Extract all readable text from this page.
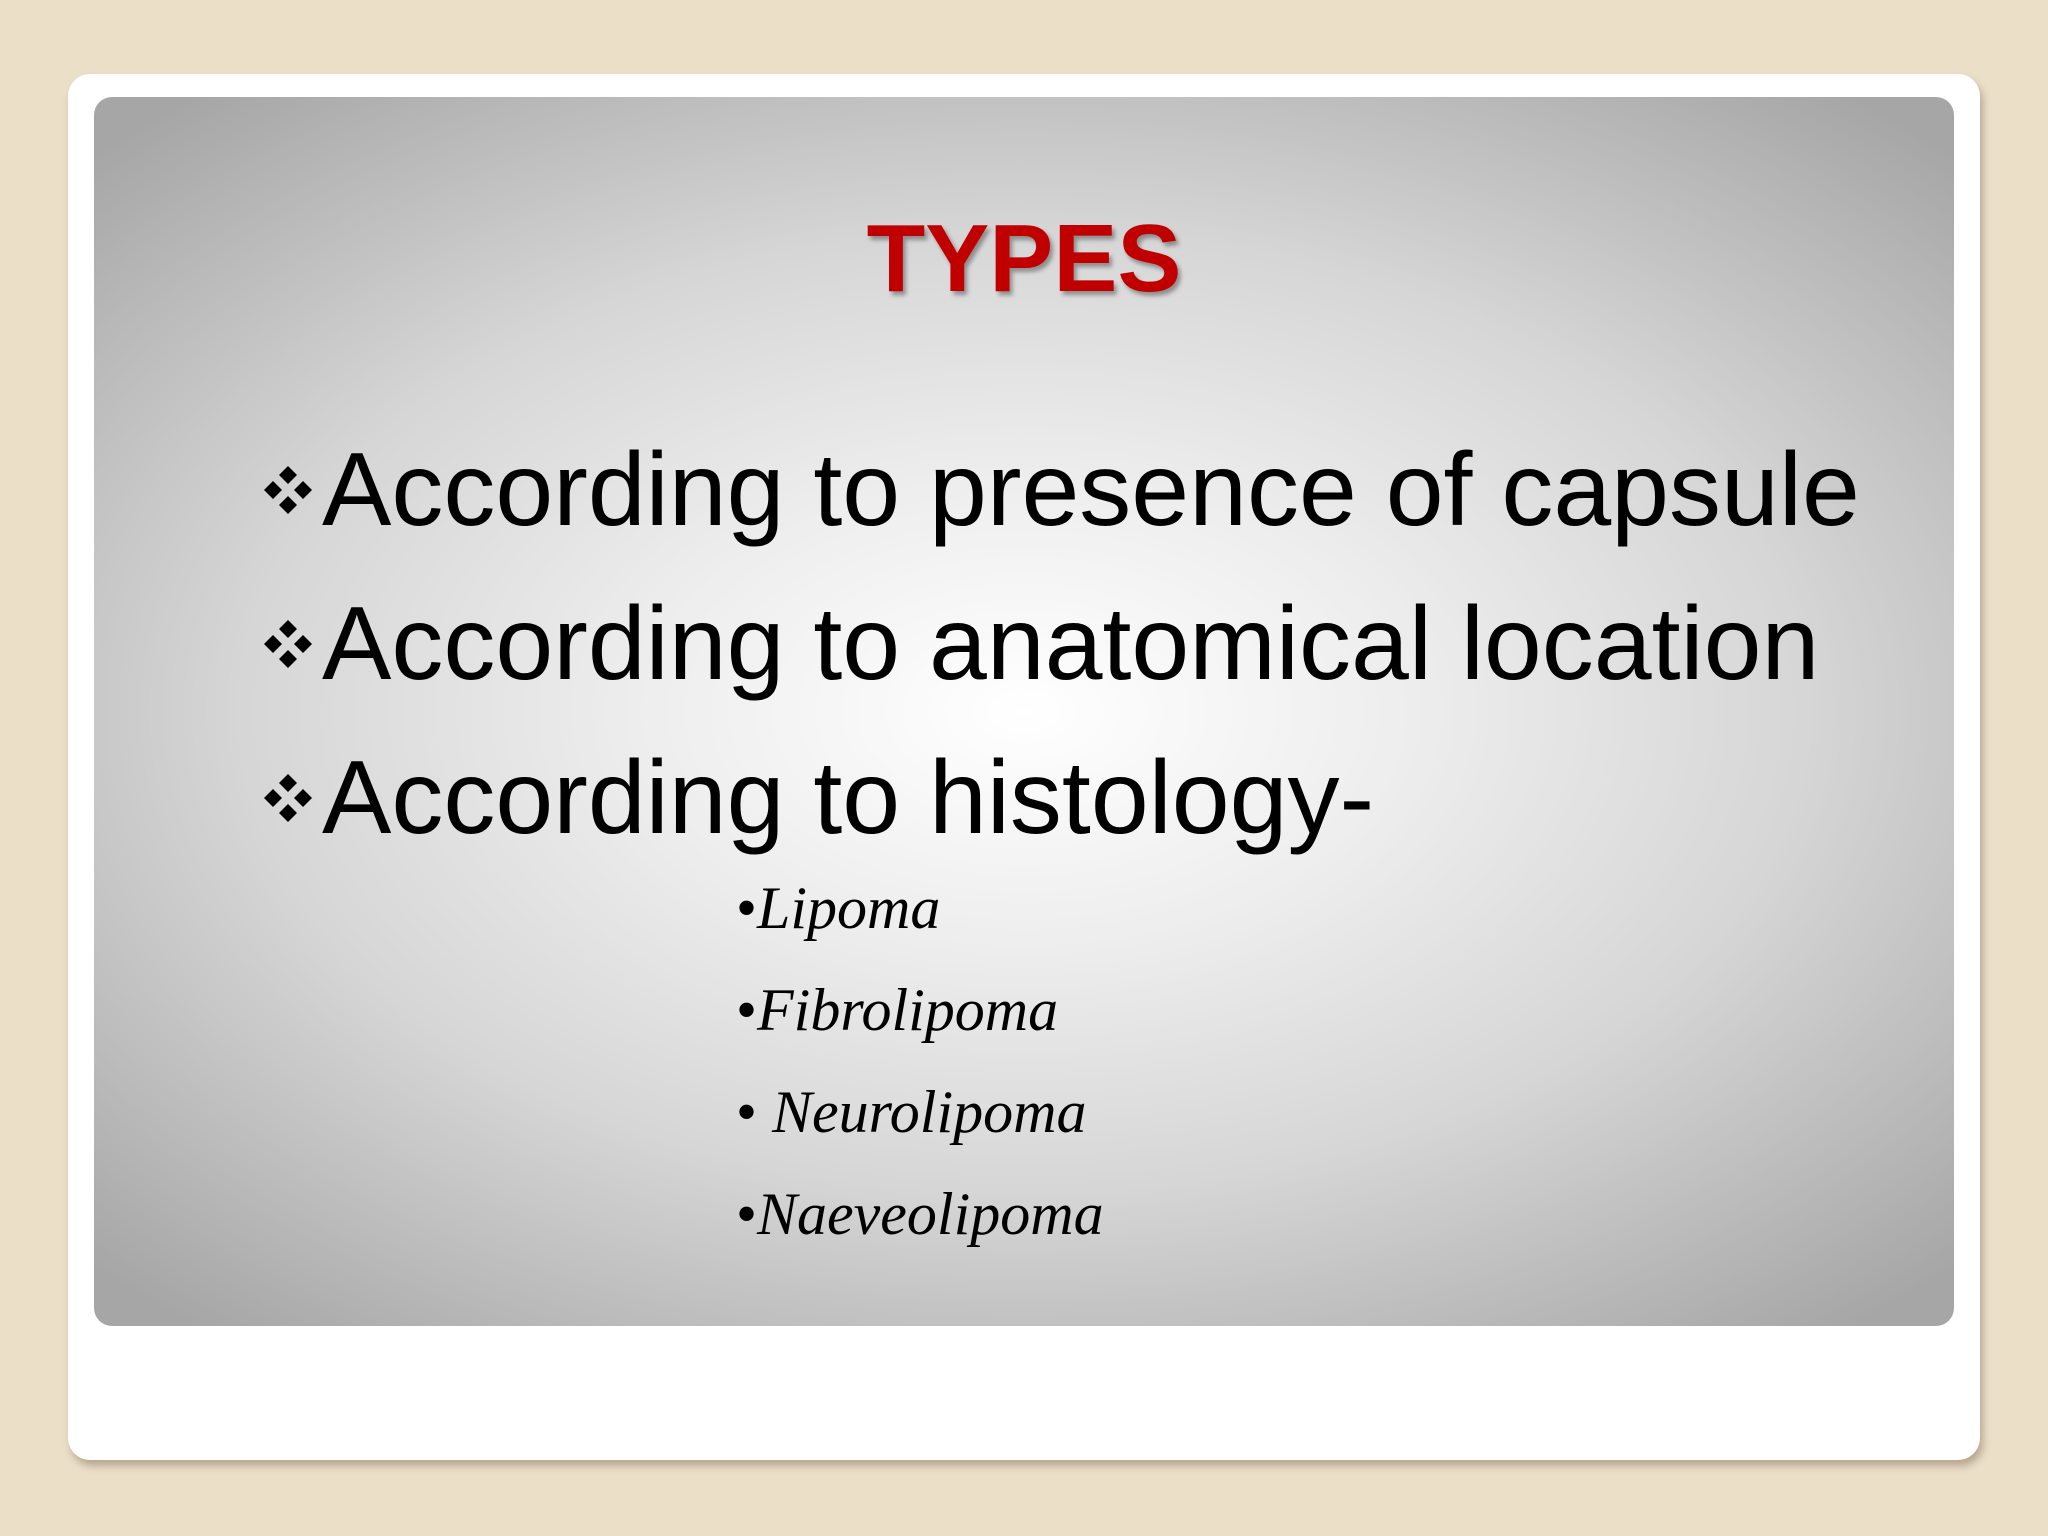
TYPES
According to presence of capsule
According to anatomical location
According to histology-
• Lipoma
• Fibrolipoma
• Neurolipoma
• Naeveolipoma
